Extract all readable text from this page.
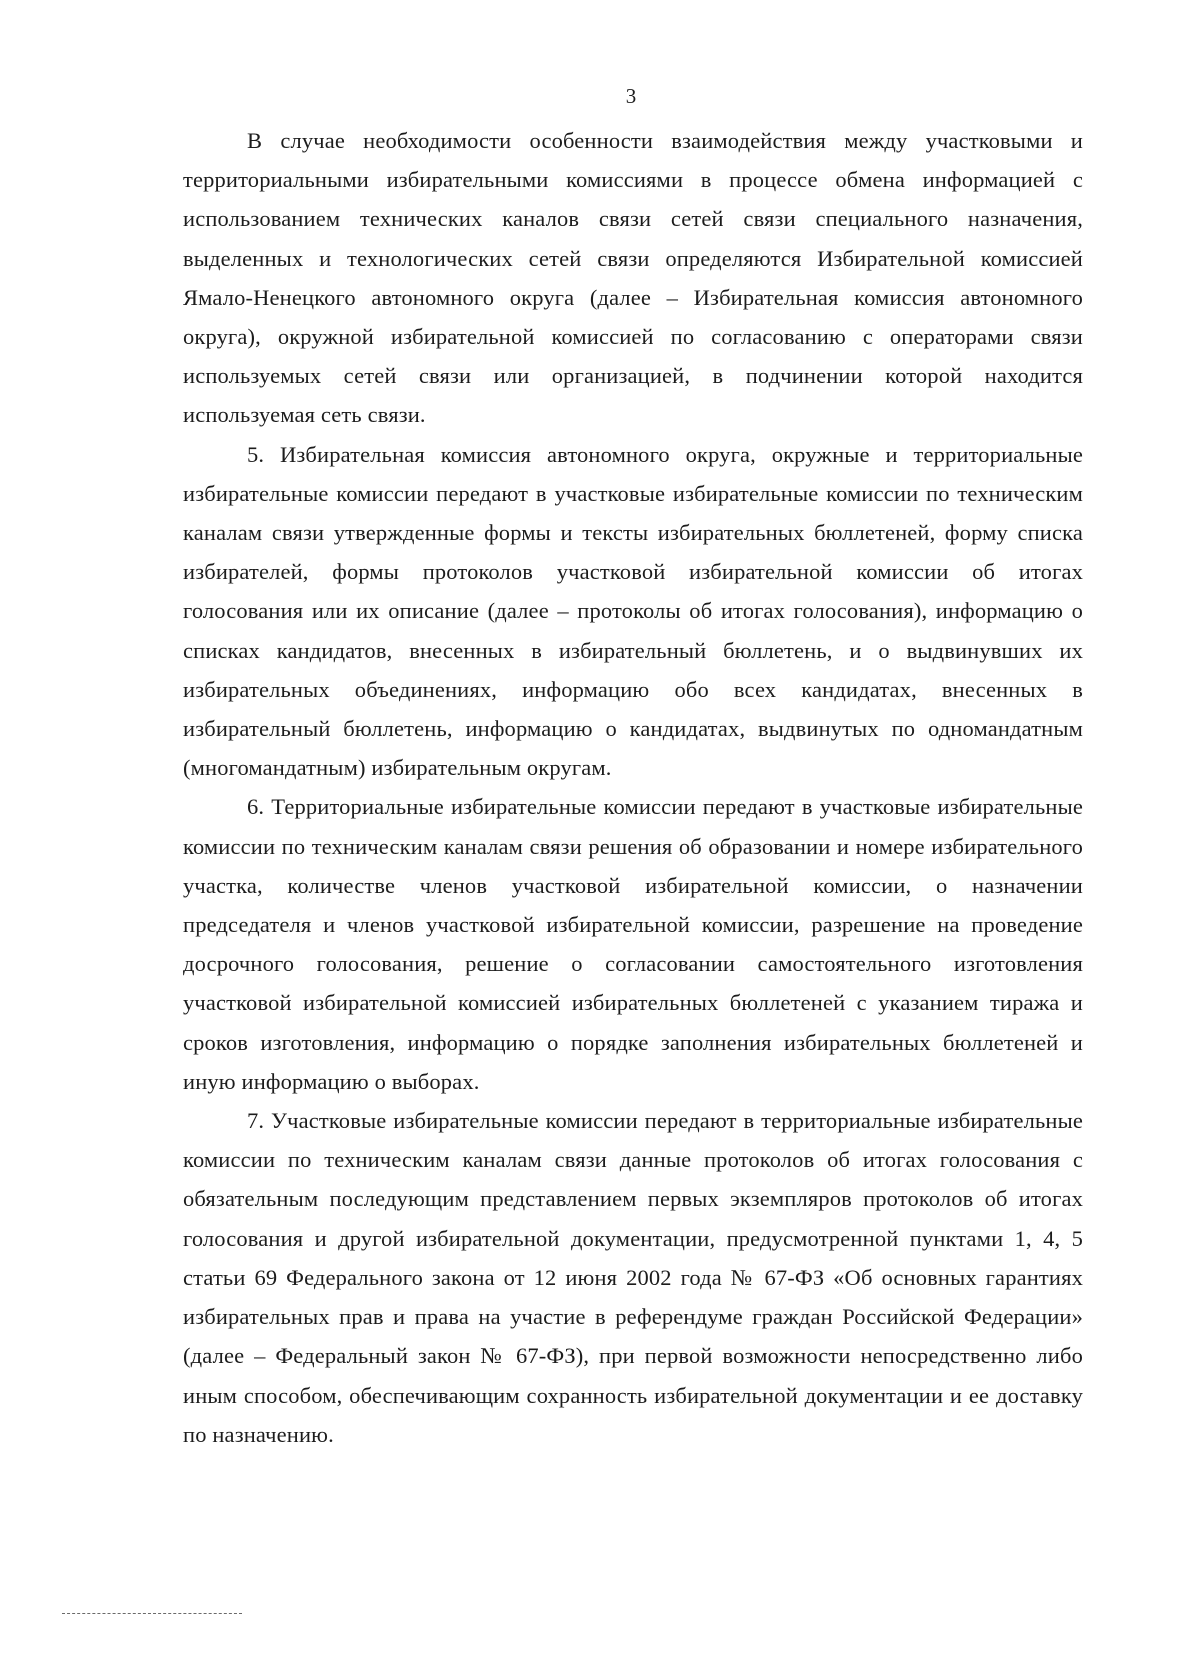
3

В случае необходимости особенности взаимодействия между участковыми и территориальными избирательными комиссиями в процессе обмена информацией с использованием технических каналов связи сетей связи специального назначения, выделенных и технологических сетей связи определяются Избирательной комиссией Ямало-Ненецкого автономного округа (далее – Избирательная комиссия автономного округа), окружной избирательной комиссией по согласованию с операторами связи используемых сетей связи или организацией, в подчинении которой находится используемая сеть связи.

5. Избирательная комиссия автономного округа, окружные и территориальные избирательные комиссии передают в участковые избирательные комиссии по техническим каналам связи утвержденные формы и тексты избирательных бюллетеней, форму списка избирателей, формы протоколов участковой избирательной комиссии об итогах голосования или их описание (далее – протоколы об итогах голосования), информацию о списках кандидатов, внесенных в избирательный бюллетень, и о выдвинувших их избирательных объединениях, информацию обо всех кандидатах, внесенных в избирательный бюллетень, информацию о кандидатах, выдвинутых по одномандатным (многомандатным) избирательным округам.

6. Территориальные избирательные комиссии передают в участковые избирательные комиссии по техническим каналам связи решения об образовании и номере избирательного участка, количестве членов участковой избирательной комиссии, о назначении председателя и членов участковой избирательной комиссии, разрешение на проведение досрочного голосования, решение о согласовании самостоятельного изготовления участковой избирательной комиссией избирательных бюллетеней с указанием тиража и сроков изготовления, информацию о порядке заполнения избирательных бюллетеней и иную информацию о выборах.

7. Участковые избирательные комиссии передают в территориальные избирательные комиссии по техническим каналам связи данные протоколов об итогах голосования с обязательным последующим представлением первых экземпляров протоколов об итогах голосования и другой избирательной документации, предусмотренной пунктами 1, 4, 5 статьи 69 Федерального закона от 12 июня 2002 года № 67-ФЗ «Об основных гарантиях избирательных прав и права на участие в референдуме граждан Российской Федерации» (далее – Федеральный закон № 67-ФЗ), при первой возможности непосредственно либо иным способом, обеспечивающим сохранность избирательной документации и ее доставку по назначению.
